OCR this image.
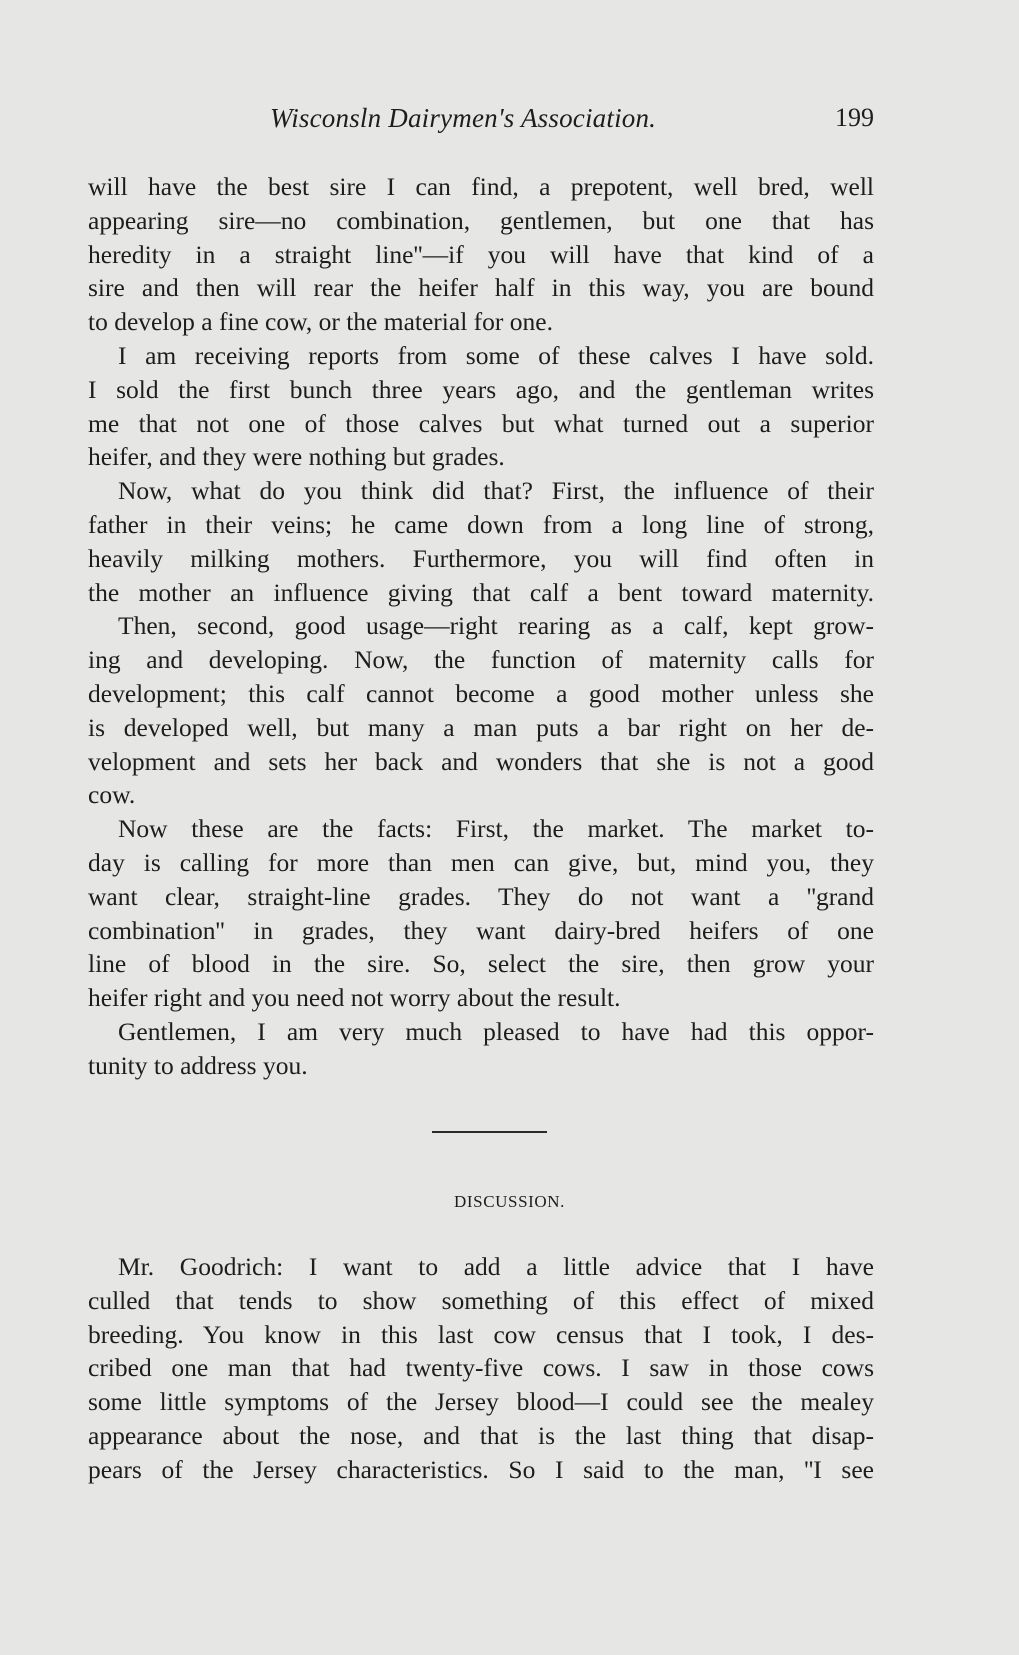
Wisconsln Dairymen's Association.	199
will have the best sire I can find, a prepotent, well bred, well
appearing sire—no combination, gentlemen, but one that has
heredity in a straight line''—if you will have that kind of a
sire and then will rear the heifer half in this way, you are bound
to develop a fine cow, or the material for one.
I am receiving reports from some of these calves I have sold.
I sold the first bunch three years ago, and the gentleman writes
me that not one of those calves but what turned out a superior
heifer, and they were nothing but grades.
Now, what do you think did that? First, the influence of their
father in their veins; he came down from a long line of strong,
heavily milking mothers. Furthermore, you will find often in
the mother an influence giving that calf a bent toward maternity.
Then, second, good usage—right rearing as a calf, kept grow-
ing and developing. Now, the function of maternity calls for
development; this calf cannot become a good mother unless she
is developed well, but many a man puts a bar right on her de-
velopment and sets her back and wonders that she is not a good
cow.
Now these are the facts: First, the market. The market to-
day is calling for more than men can give, but, mind you, they
want clear, straight-line grades. They do not want a ''grand
combination'' in grades, they want dairy-bred heifers of one
line of blood in the sire. So, select the sire, then grow your
heifer right and you need not worry about the result.
Gentlemen, I am very much pleased to have had this oppor-
tunity to address you.
DISCUSSION.
Mr. Goodrich: I want to add a little advice that I have
culled that tends to show something of this effect of mixed
breeding. You know in this last cow census that I took, I des-
cribed one man that had twenty-five cows. I saw in those cows
some little symptoms of the Jersey blood—I could see the mealey
appearance about the nose, and that is the last thing that disap-
pears of the Jersey characteristics. So I said to the man, ''I see
